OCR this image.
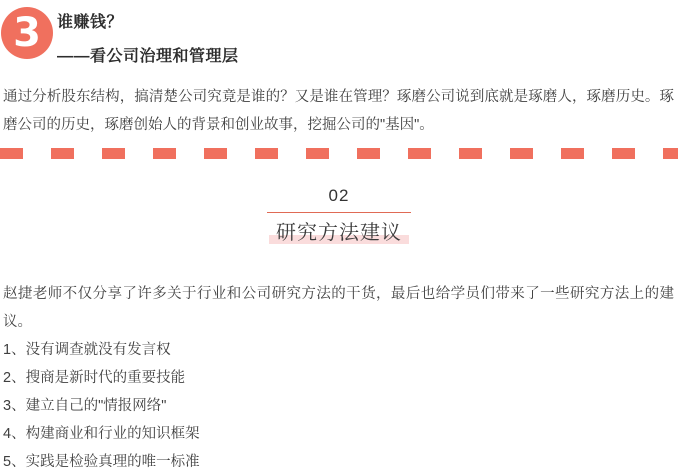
3 谁赚钱？
——看公司治理和管理层

通过分析股东结构，搞清楚公司究竟是谁的？又是谁在管理？琢磨公司说到底就是琢磨人，琢磨历史。琢磨公司的历史，琢磨创始人的背景和创业故事，挖掘公司的"基因"。

02
研究方法建议

赵捷老师不仅分享了许多关于行业和公司研究方法的干货，最后也给学员们带来了一些研究方法上的建议。

1、没有调查就没有发言权
2、搜商是新时代的重要技能
3、建立自己的"情报网络"
4、构建商业和行业的知识框架
5、实践是检验真理的唯一标准
